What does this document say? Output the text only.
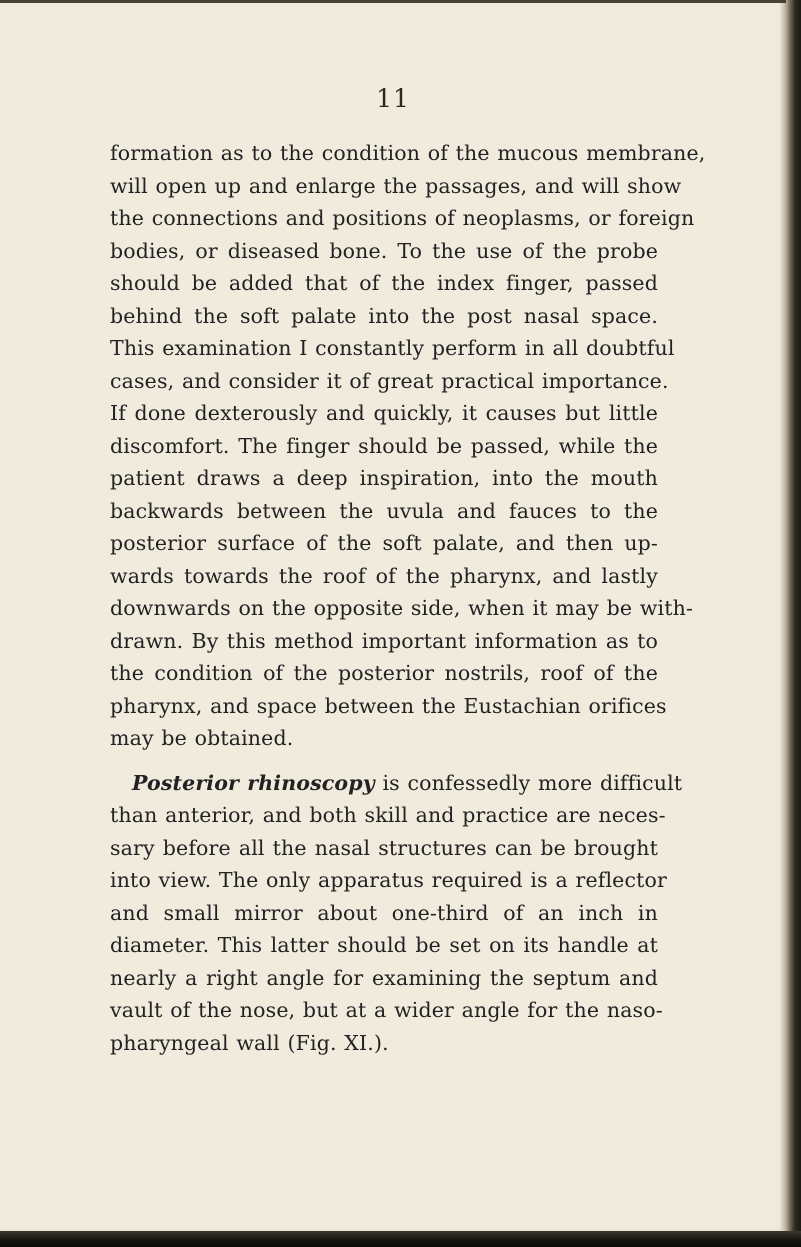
11
formation as to the condition of the mucous membrane,
will open up and enlarge the passages, and will show
the connections and positions of neoplasms, or foreign
bodies, or diseased bone. To the use of the probe
should be added that of the index finger, passed
behind the soft palate into the post nasal space.
This examination I constantly perform in all doubtful
cases, and consider it of great practical importance.
If done dexterously and quickly, it causes but little
discomfort. The finger should be passed, while the
patient draws a deep inspiration, into the mouth
backwards between the uvula and fauces to the
posterior surface of the soft palate, and then up-
wards towards the roof of the pharynx, and lastly
downwards on the opposite side, when it may be with-
drawn. By this method important information as to
the condition of the posterior nostrils, roof of the
pharynx, and space between the Eustachian orifices
may be obtained.
Posterior rhinoscopy is confessedly more difficult
than anterior, and both skill and practice are neces-
sary before all the nasal structures can be brought
into view. The only apparatus required is a reflector
and small mirror about one-third of an inch in
diameter. This latter should be set on its handle at
nearly a right angle for examining the septum and
vault of the nose, but at a wider angle for the naso-
pharyngeal wall (Fig. XI.).
